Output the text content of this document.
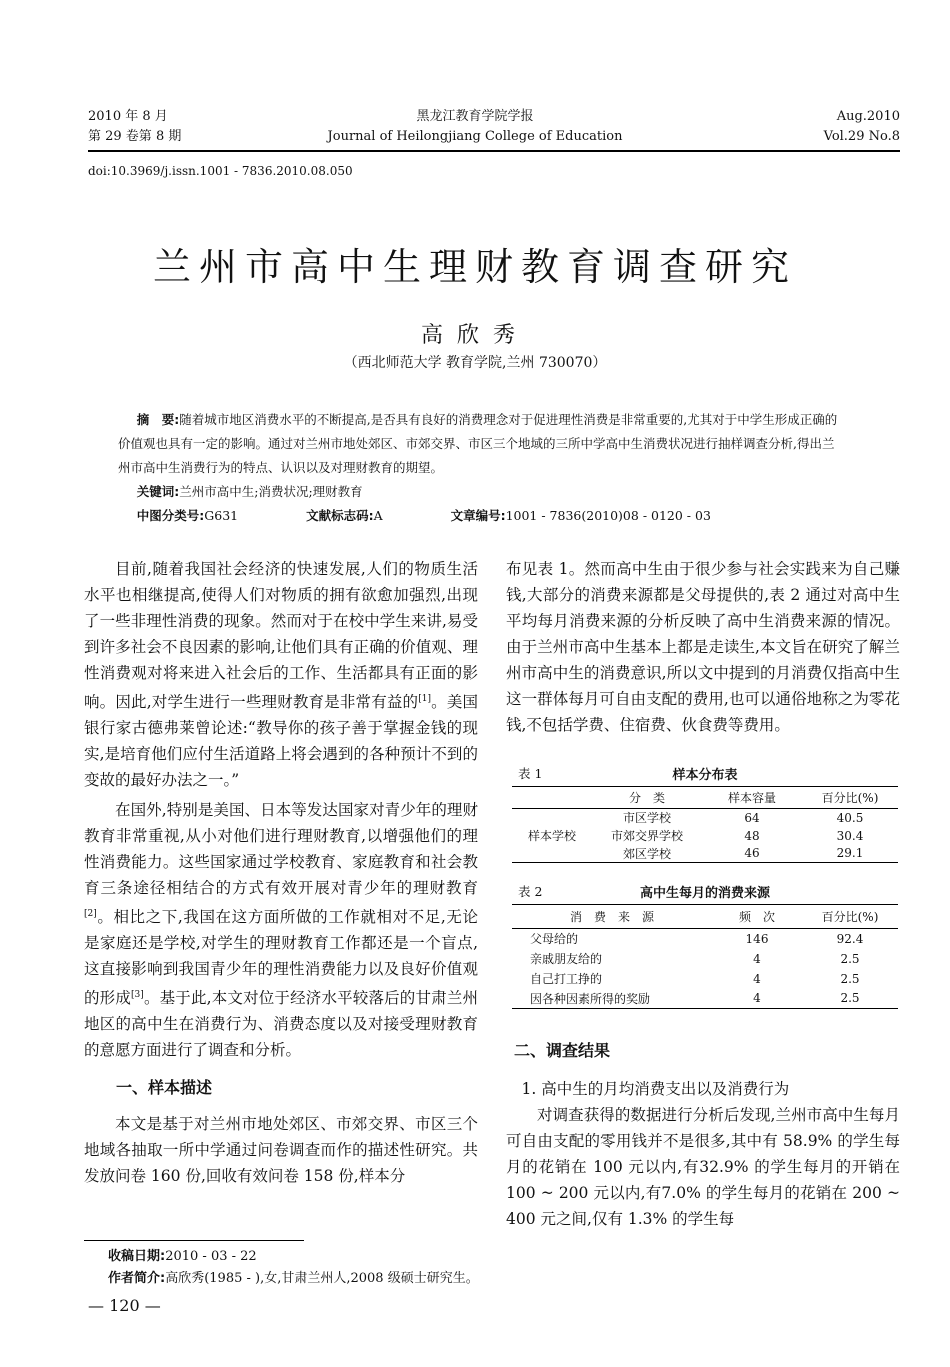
2010 年 8 月
第 29 卷第 8 期
黑龙江教育学院学报
Journal of Heilongjiang College of Education
Aug.2010
Vol.29 No.8
doi:10.3969/j.issn.1001 - 7836.2010.08.050
兰州市高中生理财教育调查研究
高欣秀
（西北师范大学 教育学院,兰州 730070）
摘　要:随着城市地区消费水平的不断提高,是否具有良好的消费理念对于促进理性消费是非常重要的,尤其对于中学生形成正确的价值观也具有一定的影响。通过对兰州市地处郊区、市郊交界、市区三个地域的三所中学高中生消费状况进行抽样调查分析,得出兰州市高中生消费行为的特点、认识以及对理财教育的期望。
关键词:兰州市高中生;消费状况;理财教育
中图分类号:G631	文献标志码:A	文章编号:1001 - 7836(2010)08 - 0120 - 03

目前,随着我国社会经济的快速发展,人们的物质生活水平也相继提高,使得人们对物质的拥有欲愈加强烈,出现了一些非理性消费的现象。然而对于在校中学生来讲,易受到许多社会不良因素的影响,让他们具有正确的价值观、理性消费观对将来进入社会后的工作、生活都具有正面的影响。因此,对学生进行一些理财教育是非常有益的[1]。美国银行家古德弗莱曾论述:“教导你的孩子善于掌握金钱的现实,是培育他们应付生活道路上将会遇到的各种预计不到的变故的最好办法之一。”

在国外,特别是美国、日本等发达国家对青少年的理财教育非常重视,从小对他们进行理财教育,以增强他们的理性消费能力。这些国家通过学校教育、家庭教育和社会教育三条途径相结合的方式有效开展对青少年的理财教育[2]。相比之下,我国在这方面所做的工作就相对不足,无论是家庭还是学校,对学生的理财教育工作都还是一个盲点,这直接影响到我国青少年的理性消费能力以及良好价值观的形成[3]。基于此,本文对位于经济水平较落后的甘肃兰州地区的高中生在消费行为、消费态度以及对接受理财教育的意愿方面进行了调查和分析。

一、样本描述

本文是基于对兰州市地处郊区、市郊交界、市区三个地域各抽取一所中学通过问卷调查而作的描述性研究。共发放问卷 160 份,回收有效问卷 158 份,样本分

布见表 1。然而高中生由于很少参与社会实践来为自己赚钱,大部分的消费来源都是父母提供的,表 2 通过对高中生平均每月消费来源的分析反映了高中生消费来源的情况。由于兰州市高中生基本上都是走读生,本文旨在研究了解兰州市高中生的消费意识,所以文中提到的月消费仅指高中生这一群体每月可自由支配的费用,也可以通俗地称之为零花钱,不包括学费、住宿费、伙食费等费用。

表 1	样本分布表
	分　类	样本容量	百分比(%)
样本学校	市区学校	64	40.5
	市郊交界学校	48	30.4
	郊区学校	46	29.1
表 2	高中生每月的消费来源
消　费　来　源	频　次	百分比(%)
父母给的	146	92.4
亲戚朋友给的	4	2.5
自己打工挣的	4	2.5
因各种因素所得的奖励	4	2.5
二、调查结果

1. 高中生的月均消费支出以及消费行为

对调查获得的数据进行分析后发现,兰州市高中生每月可自由支配的零用钱并不是很多,其中有 58.9% 的学生每月的花销在 100 元以内,有32.9% 的学生每月的开销在 100 ~ 200 元以内,有7.0% 的学生每月的花销在 200 ~ 400 元之间,仅有 1.3% 的学生每

收稿日期:2010 - 03 - 22
作者简介:高欣秀(1985 - ),女,甘肃兰州人,2008 级硕士研究生。
— 120 —
